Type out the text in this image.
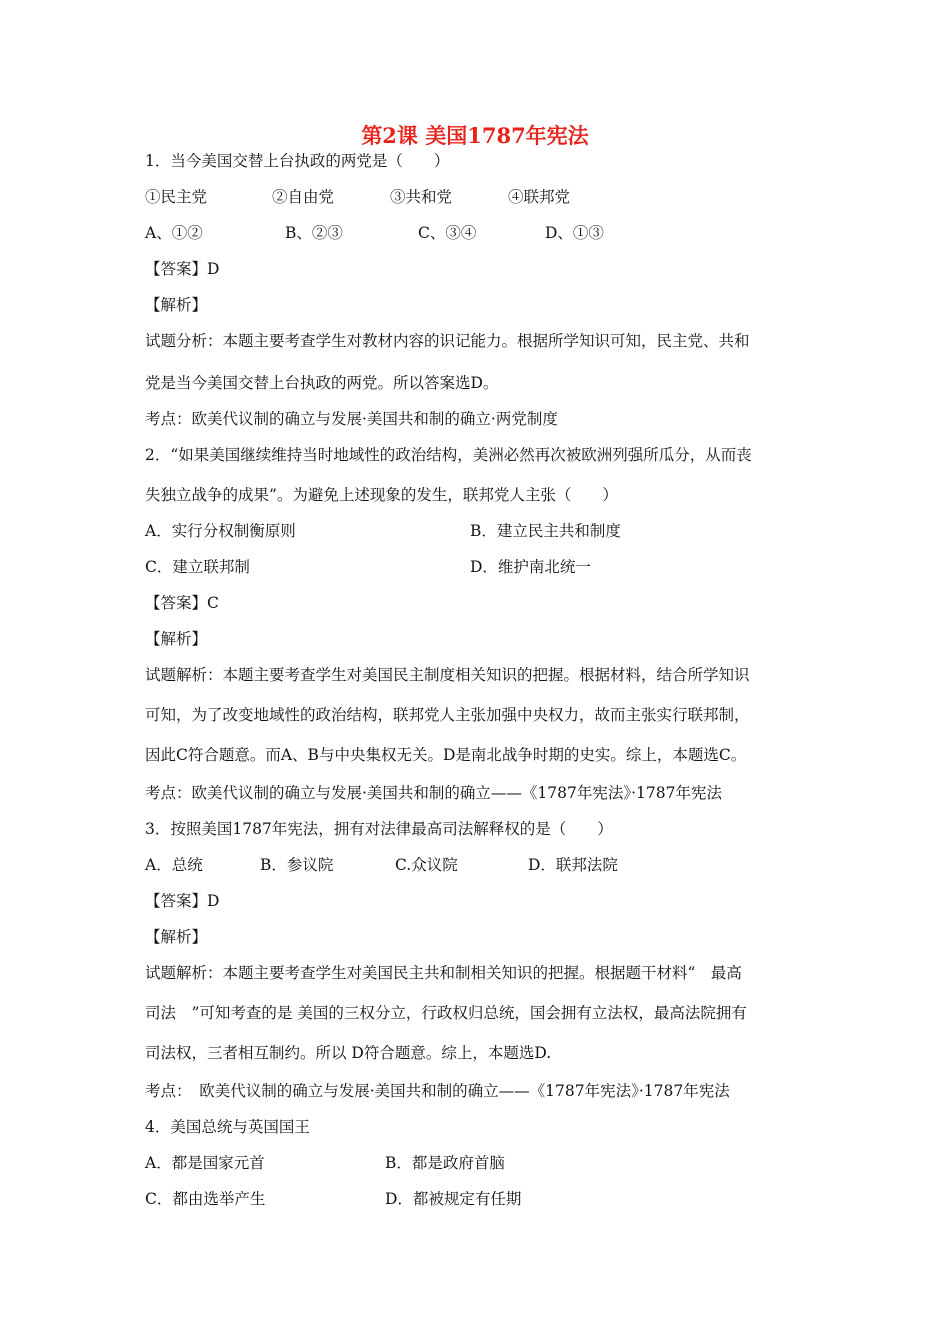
第2课 美国1787年宪法
1．当今美国交替上台执政的两党是（　　）
①民主党	②自由党	③共和党	④联邦党
A、①②	B、②③	C、③④	D、①③
【答案】D
【解析】
试题分析：本题主要考查学生对教材内容的识记能力。根据所学知识可知，民主党、共和
党是当今美国交替上台执政的两党。所以答案选D。
考点：欧美代议制的确立与发展·美国共和制的确立·两党制度
2．“如果美国继续维持当时地域性的政治结构，美洲必然再次被欧洲列强所瓜分，从而丧
失独立战争的成果”。为避免上述现象的发生，联邦党人主张（　　）
A．实行分权制衡原则	B．建立民主共和制度
C．建立联邦制	D．维护南北统一
【答案】C
【解析】
试题解析：本题主要考查学生对美国民主制度相关知识的把握。根据材料，结合所学知识
可知，为了改变地域性的政治结构，联邦党人主张加强中央权力，故而主张实行联邦制，
因此C符合题意。而A、B与中央集权无关。D是南北战争时期的史实。综上，本题选C。
考点：欧美代议制的确立与发展·美国共和制的确立——《1787年宪法》·1787年宪法
3．按照美国1787年宪法，拥有对法律最高司法解释权的是（　　）
A．总统	B．参议院	C.众议院	D．联邦法院
【答案】D
【解析】
试题解析：本题主要考查学生对美国民主共和制相关知识的把握。根据题干材料“　最高
司法　”可知考查的是 美国的三权分立，行政权归总统，国会拥有立法权，最高法院拥有
司法权，三者相互制约。所以 D符合题意。综上，本题选D.
考点：　欧美代议制的确立与发展·美国共和制的确立——《1787年宪法》·1787年宪法
4．美国总统与英国国王
A．都是国家元首	B．都是政府首脑
C．都由选举产生	D．都被规定有任期
